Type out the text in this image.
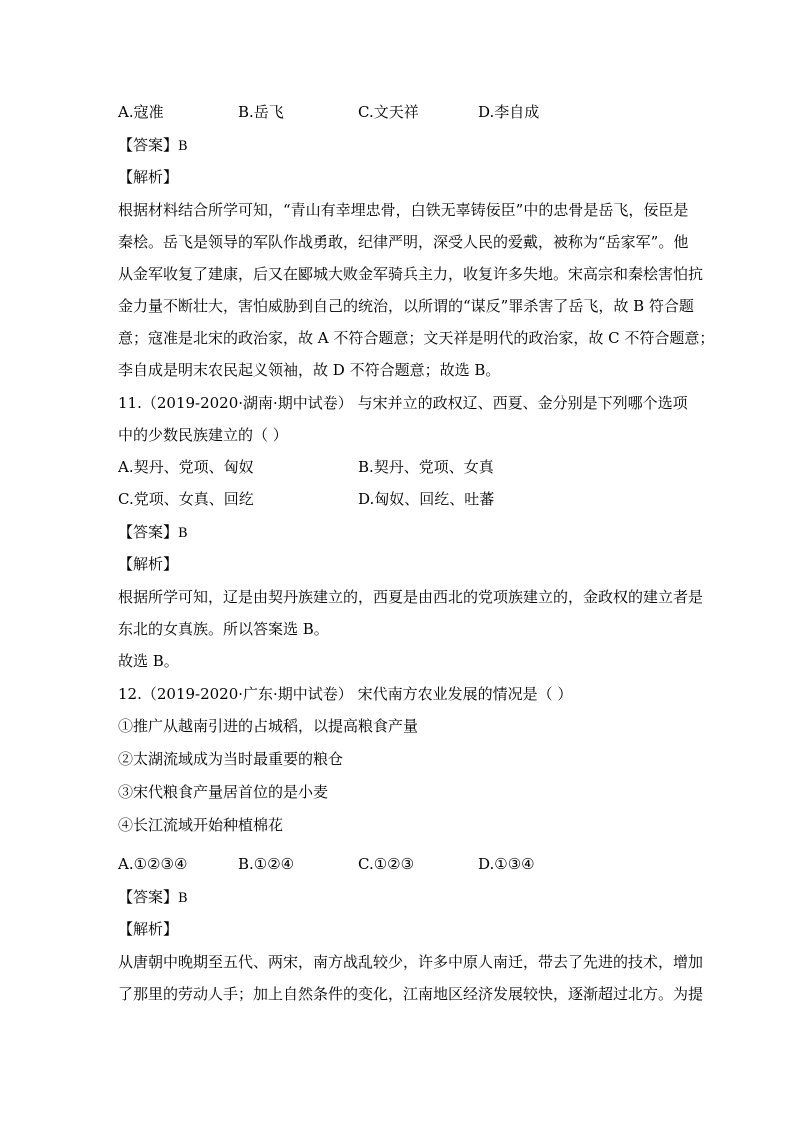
A.寇准	B.岳飞	C.文天祥	D.李自成
【答案】B
【解析】
根据材料结合所学可知，“青山有幸埋忠骨，白铁无辜铸佞臣”中的忠骨是岳飞，佞臣是
秦桧。岳飞是领导的军队作战勇敢，纪律严明，深受人民的爱戴，被称为“岳家军”。他
从金军收复了建康，后又在郾城大败金军骑兵主力，收复许多失地。宋高宗和秦桧害怕抗
金力量不断壮大，害怕威胁到自己的统治，以所谓的“谋反”罪杀害了岳飞，故 B 符合题
意；寇准是北宋的政治家，故 A 不符合题意；文天祥是明代的政治家，故 C 不符合题意；
李自成是明末农民起义领袖，故 D 不符合题意；故选 B。
11.（2019-2020·湖南·期中试卷） 与宋并立的政权辽、西夏、金分别是下列哪个选项
中的少数民族建立的（ ）
A.契丹、党项、匈奴	B.契丹、党项、女真
C.党项、女真、回纥	D.匈奴、回纥、吐蕃
【答案】B
【解析】
根据所学可知，辽是由契丹族建立的，西夏是由西北的党项族建立的，金政权的建立者是
东北的女真族。所以答案选 B。
故选 B。
12.（2019-2020·广东·期中试卷） 宋代南方农业发展的情况是（ ）
①推广从越南引进的占城稻，以提高粮食产量
②太湖流域成为当时最重要的粮仓
③宋代粮食产量居首位的是小麦
④长江流域开始种植棉花
A.①②③④	B.①②④	C.①②③	D.①③④
【答案】B
【解析】
从唐朝中晚期至五代、两宋，南方战乱较少，许多中原人南迁，带去了先进的技术，增加
了那里的劳动人手；加上自然条件的变化，江南地区经济发展较快，逐渐超过北方。为提
